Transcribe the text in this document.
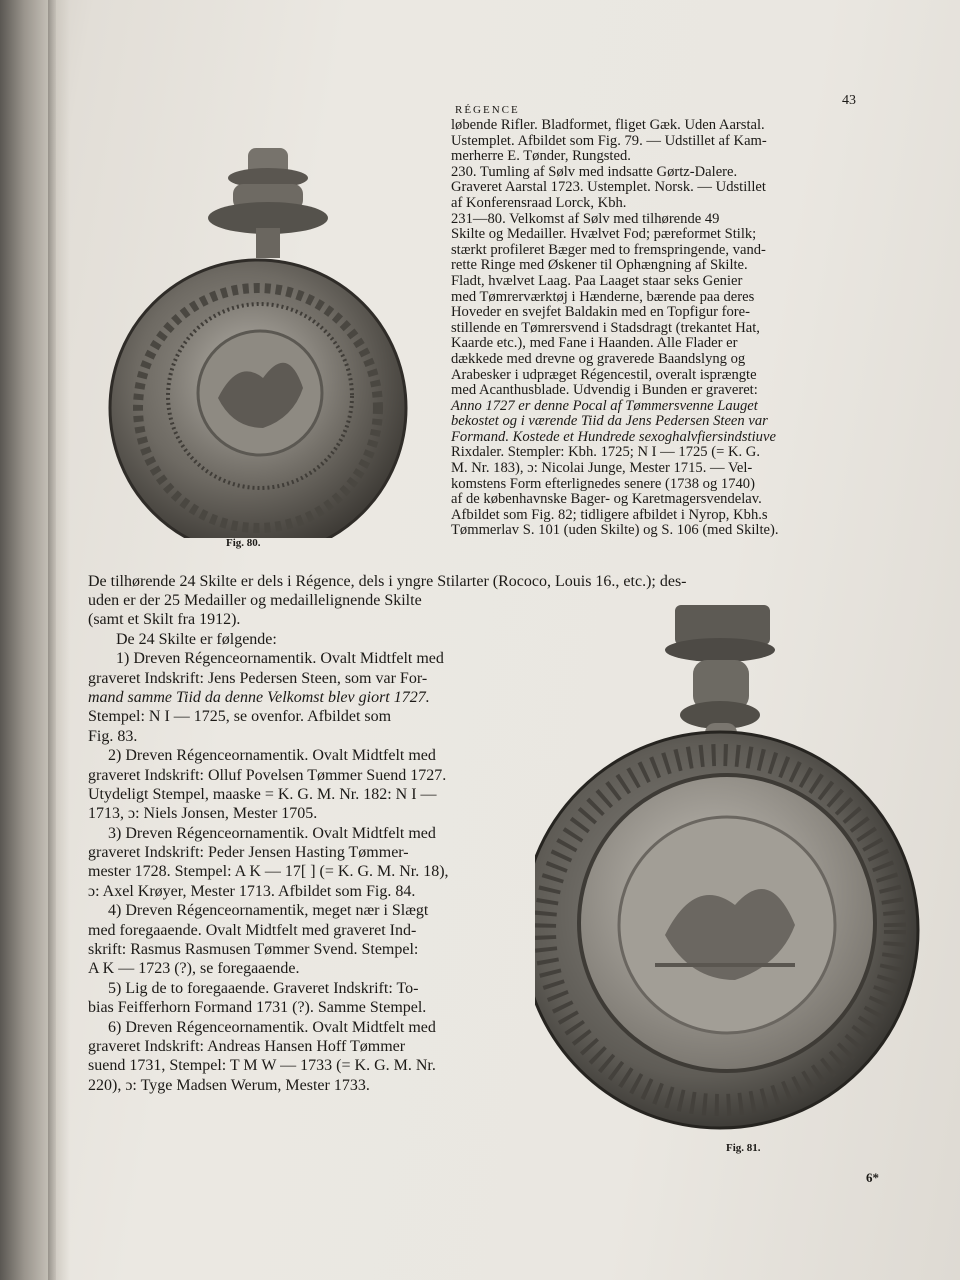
RÉGENCE
43
Fig. 80.
løbende Rifler. Bladformet, fliget Gæk. Uden Aarstal.
Ustemplet. Afbildet som Fig. 79. — Udstillet af Kam-
merherre E. Tønder, Rungsted.
230. Tumling af Sølv med indsatte Gørtz-Dalere.
Graveret Aarstal 1723. Ustemplet. Norsk. — Udstillet
af Konferensraad Lorck, Kbh.
231—80. Velkomst af Sølv med tilhørende 49
Skilte og Medailler. Hvælvet Fod; pæreformet Stilk;
stærkt profileret Bæger med to fremspringende, vand-
rette Ringe med Øskener til Ophængning af Skilte.
Fladt, hvælvet Laag. Paa Laaget staar seks Genier
med Tømrerværktøj i Hænderne, bærende paa deres
Hoveder en svejfet Baldakin med en Topfigur fore-
stillende en Tømrersvend i Stadsdragt (trekantet Hat,
Kaarde etc.), med Fane i Haanden. Alle Flader er
dækkede med drevne og graverede Baandslyng og
Arabesker i udpræget Régencestil, overalt isprængte
med Acanthusblade. Udvendig i Bunden er graveret:
Anno 1727 er denne Pocal af Tømmersvenne Lauget
bekostet og i værende Tiid da Jens Pedersen Steen var
Formand. Kostede et Hundrede sexoghalvfiersindstiuve
Rixdaler. Stempler: Kbh. 1725; N I — 1725 (= K. G.
M. Nr. 183), ɔ: Nicolai Junge, Mester 1715. — Vel-
komstens Form efterlignedes senere (1738 og 1740)
af de københavnske Bager- og Karetmagersvendelav.
Afbildet som Fig. 82; tidligere afbildet i Nyrop, Kbh.s
Tømmerlav S. 101 (uden Skilte) og S. 106 (med Skilte).
De tilhørende 24 Skilte er dels i Régence, dels i yngre Stilarter (Rococo, Louis 16., etc.); des-
uden er der 25 Medailler og medaillelignende Skilte
(samt et Skilt fra 1912).
De 24 Skilte er følgende:
1) Dreven Régenceornamentik. Ovalt Midtfelt med
graveret Indskrift: Jens Pedersen Steen, som var For-
mand samme Tiid da denne Velkomst blev giort 1727.
Stempel: N I — 1725, se ovenfor. Afbildet som
Fig. 83.
2) Dreven Régenceornamentik. Ovalt Midtfelt med
graveret Indskrift: Olluf Povelsen Tømmer Suend 1727.
Utydeligt Stempel, maaske = K. G. M. Nr. 182: N I —
1713, ɔ: Niels Jonsen, Mester 1705.
3) Dreven Régenceornamentik. Ovalt Midtfelt med
graveret Indskrift: Peder Jensen Hasting Tømmer-
mester 1728. Stempel: A K — 17[ ] (= K. G. M. Nr. 18),
ɔ: Axel Krøyer, Mester 1713. Afbildet som Fig. 84.
4) Dreven Régenceornamentik, meget nær i Slægt
med foregaaende. Ovalt Midtfelt med graveret Ind-
skrift: Rasmus Rasmusen Tømmer Svend. Stempel:
A K — 1723 (?), se foregaaende.
5) Lig de to foregaaende. Graveret Indskrift: To-
bias Feifferhorn Formand 1731 (?). Samme Stempel.
6) Dreven Régenceornamentik. Ovalt Midtfelt med
graveret Indskrift: Andreas Hansen Hoff Tømmer
suend 1731, Stempel: T M W — 1733 (= K. G. M. Nr.
220), ɔ: Tyge Madsen Werum, Mester 1733.
Fig. 81.
6*
